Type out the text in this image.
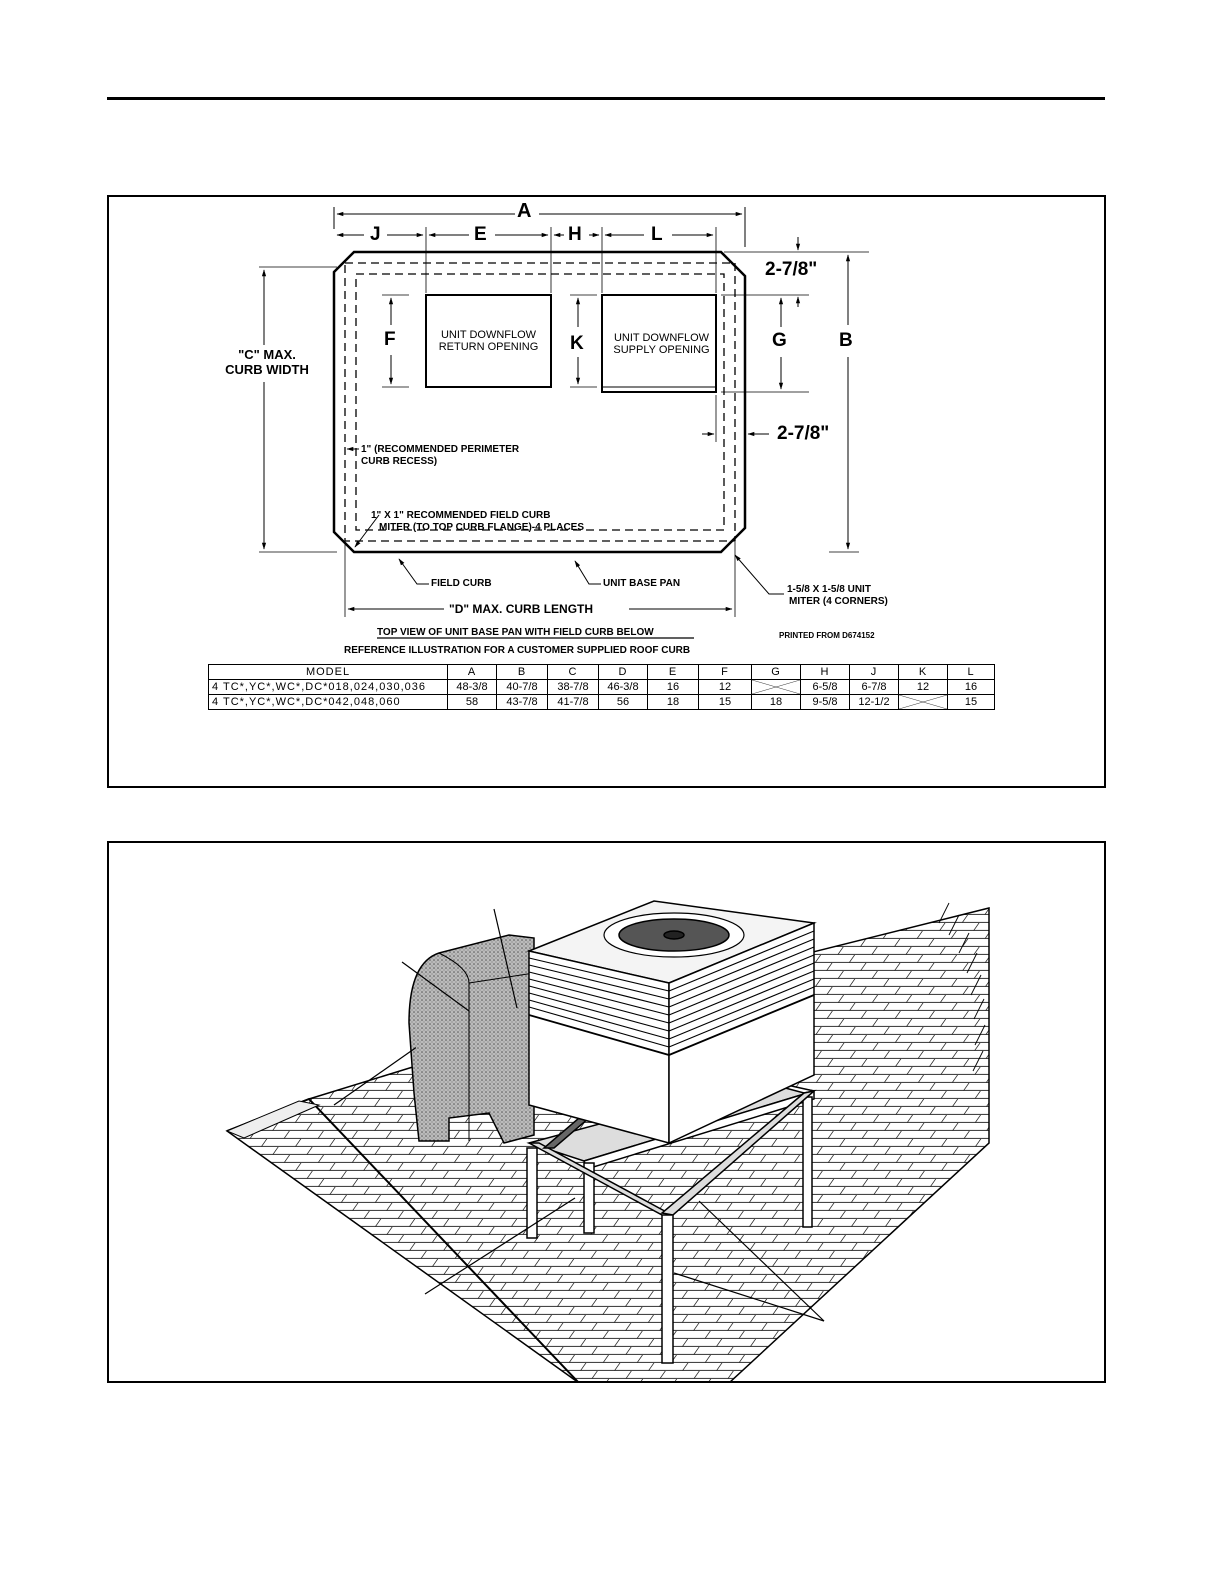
A
J	E	H	L
F	K	G	B
2-7/8"
2-7/8"
UNIT DOWNFLOW
RETURN OPENING
UNIT DOWNFLOW
SUPPLY OPENING
"C" MAX.
CURB WIDTH
"D" MAX. CURB LENGTH
1" (RECOMMENDED PERIMETER
CURB RECESS)
1" X 1" RECOMMENDED FIELD CURB
MITER (TO TOP CURB FLANGE)-4 PLACES
FIELD CURB	UNIT BASE PAN
1-5/8 X 1-5/8 UNIT
MITER (4 CORNERS)
TOP VIEW OF UNIT BASE PAN WITH FIELD CURB BELOW
REFERENCE ILLUSTRATION FOR A CUSTOMER SUPPLIED ROOF CURB
PRINTED FROM D674152
MODEL	A	B	C	D	E	F	G	H	J	K	L
4 TC*,YC*,WC*,DC*018,024,030,036	48-3/8	40-7/8	38-7/8	46-3/8	16	12		6-5/8	6-7/8	12	16
4 TC*,YC*,WC*,DC*042,048,060	58	43-7/8	41-7/8	56	18	15	18	9-5/8	12-1/2		15
